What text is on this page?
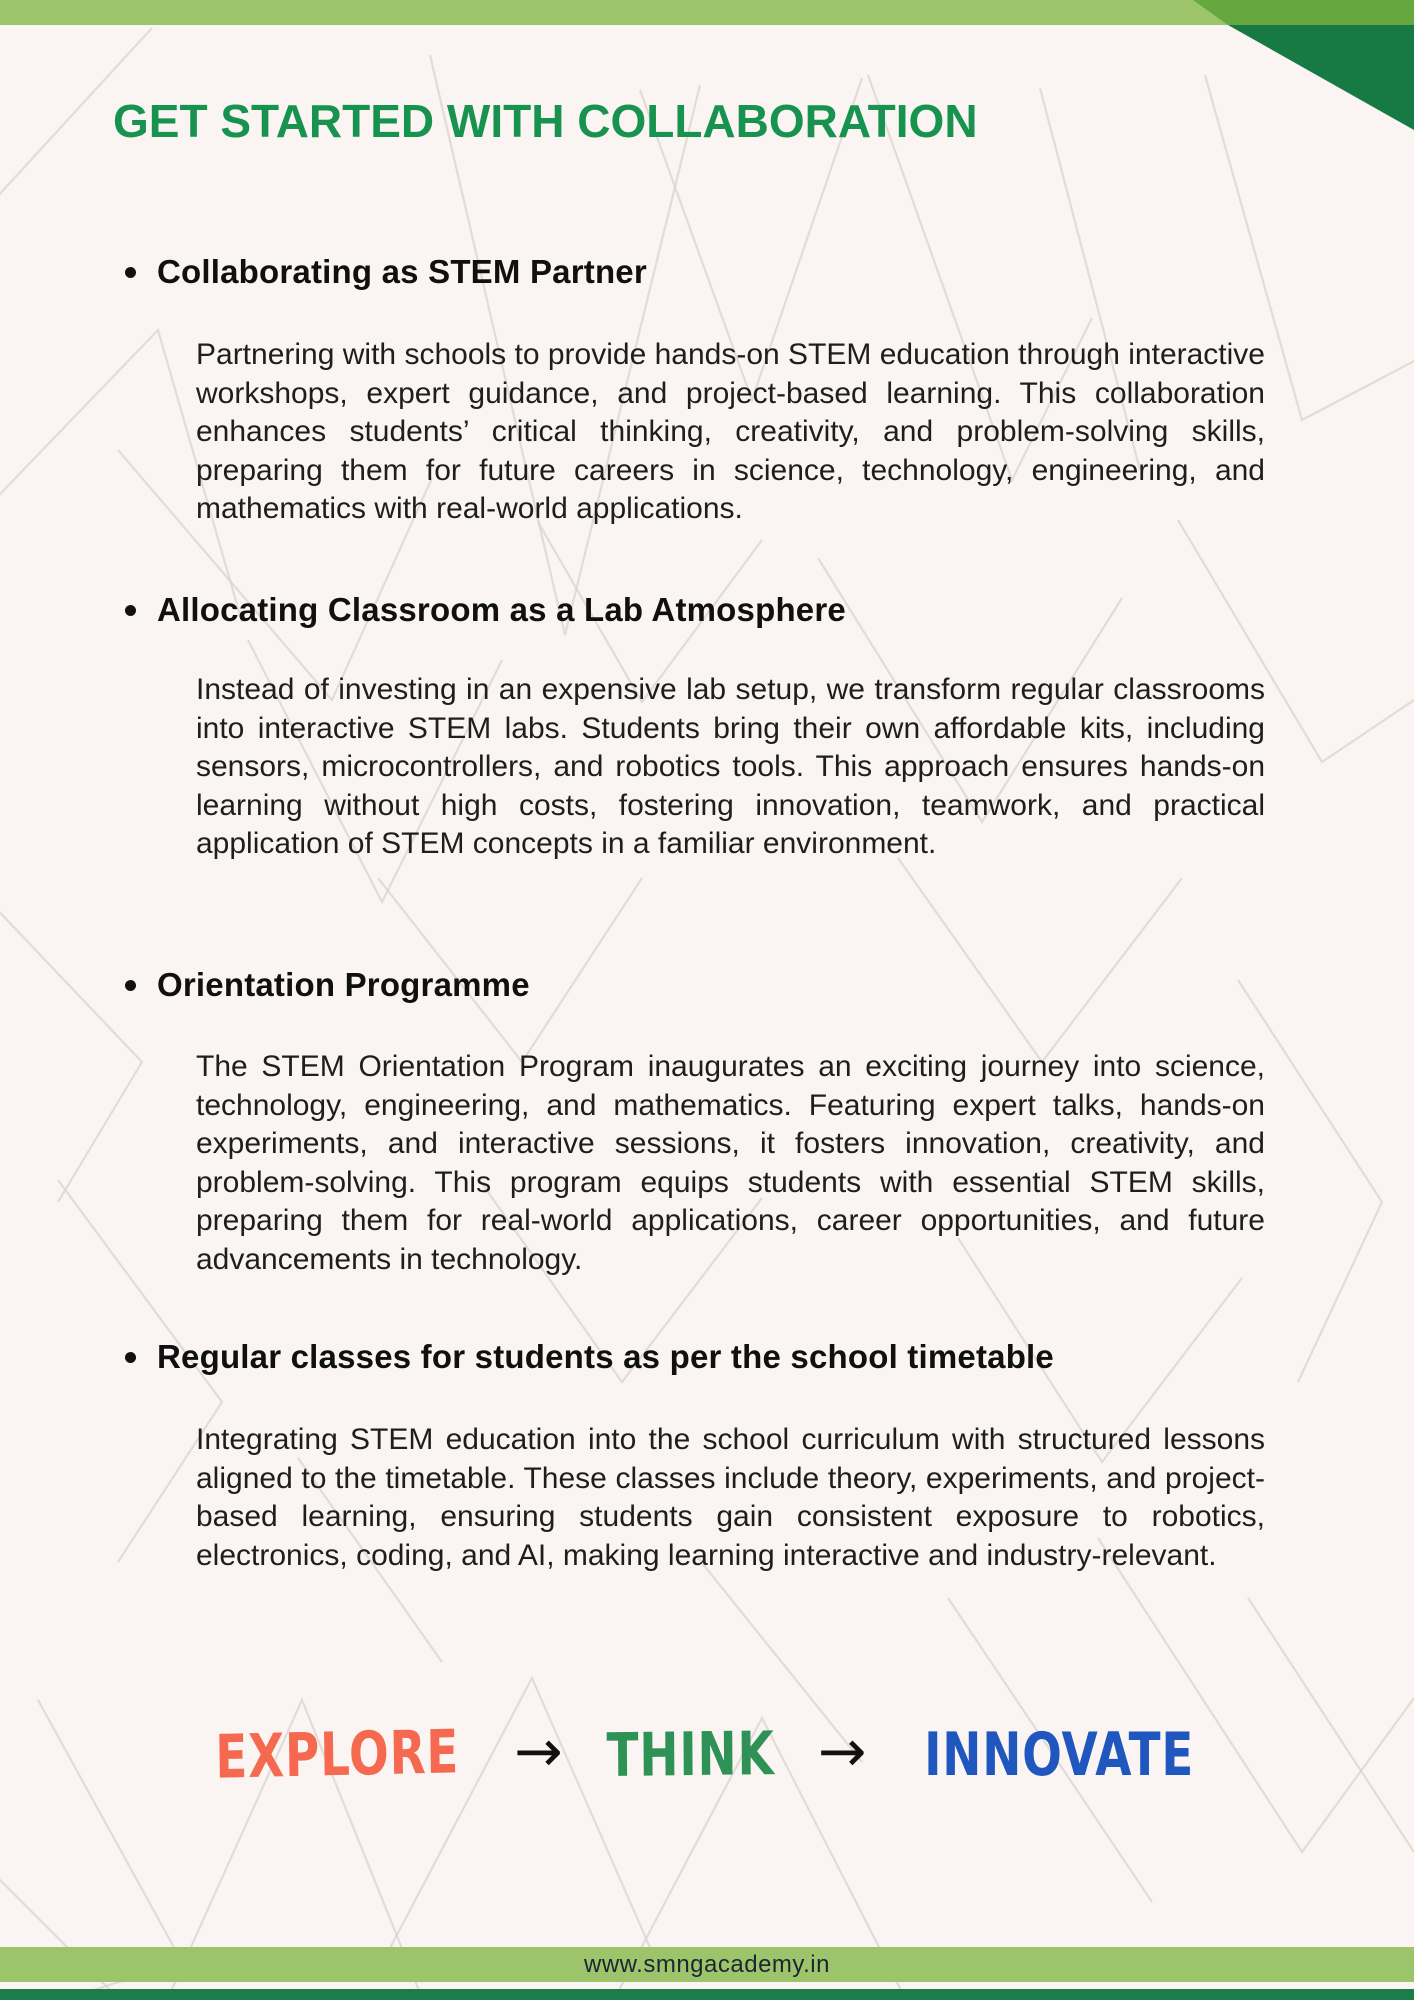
GET STARTED WITH COLLABORATION
Collaborating as STEM Partner

Partnering with schools to provide hands-on STEM education through interactive workshops, expert guidance, and project-based learning. This collaboration enhances students’ critical thinking, creativity, and problem-solving skills, preparing them for future careers in science, technology, engineering, and mathematics with real-world applications.

Allocating Classroom as a Lab Atmosphere

Instead of investing in an expensive lab setup, we transform regular classrooms into interactive STEM labs. Students bring their own affordable kits, including sensors, microcontrollers, and robotics tools. This approach ensures hands-on learning without high costs, fostering innovation, teamwork, and practical application of STEM concepts in a familiar environment.

Orientation Programme

The STEM Orientation Program inaugurates an exciting journey into science, technology, engineering, and mathematics. Featuring expert talks, hands-on experiments, and interactive sessions, it fosters innovation, creativity, and problem-solving. This program equips students with essential STEM skills, preparing them for real-world applications, career opportunities, and future advancements in technology.

Regular classes for students as per the school timetable

Integrating STEM education into the school curriculum with structured lessons aligned to the timetable. These classes include theory, experiments, and project-based learning, ensuring students gain consistent exposure to robotics, electronics, coding, and AI, making learning interactive and industry-relevant.

EXPLORE → THINK → INNOVATE
www.smngacademy.in
